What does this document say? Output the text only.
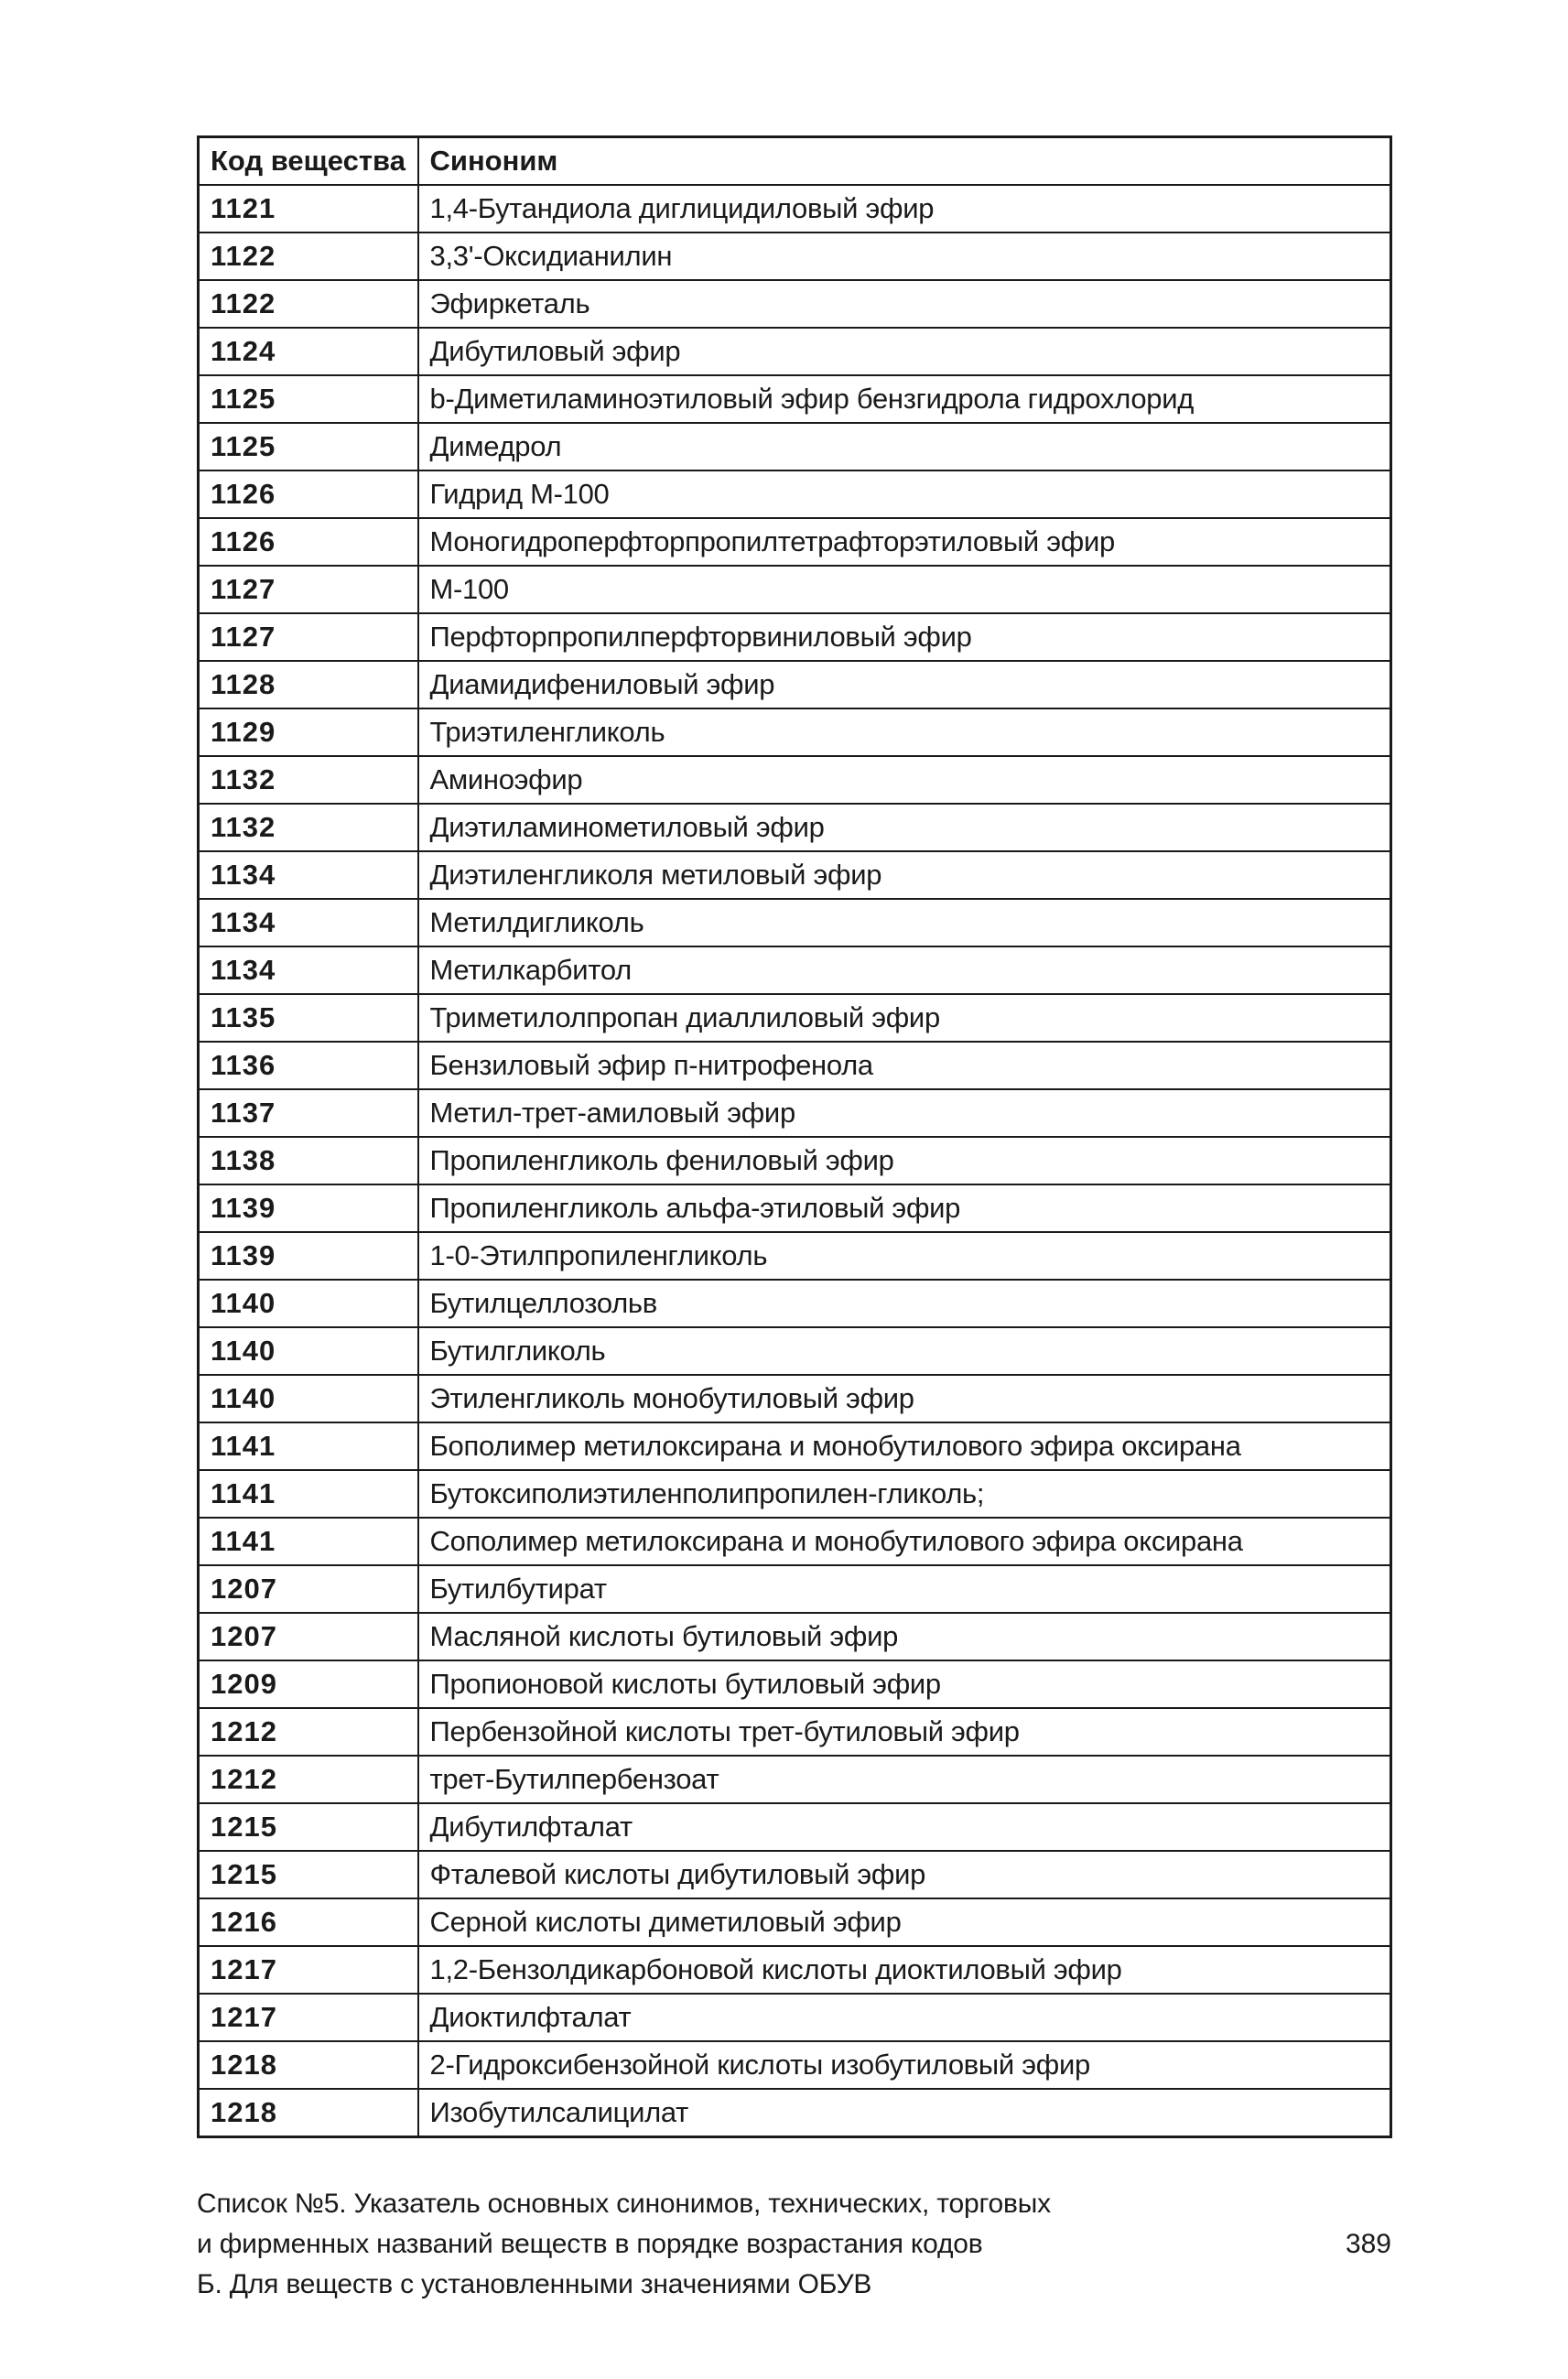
Код вещества	Синоним
1121	1,4-Бутандиола диглицидиловый эфир
1122	3,3'-Оксидианилин
1122	Эфиркеталь
1124	Дибутиловый эфир
1125	b-Диметиламиноэтиловый эфир бензгидрола гидрохлорид
1125	Димедрол
1126	Гидрид М-100
1126	Моногидроперфторпропилтетрафторэтиловый эфир
1127	М-100
1127	Перфторпропилперфторвиниловый эфир
1128	Диамидифениловый эфир
1129	Триэтиленгликоль
1132	Аминоэфир
1132	Диэтиламинометиловый эфир
1134	Диэтиленгликоля метиловый эфир
1134	Метилдигликоль
1134	Метилкарбитол
1135	Триметилолпропан диаллиловый эфир
1136	Бензиловый эфир п-нитрофенола
1137	Метил-трет-амиловый эфир
1138	Пропиленгликоль фениловый эфир
1139	Пропиленгликоль альфа-этиловый эфир
1139	1-0-Этилпропиленгликоль
1140	Бутилцеллозольв
1140	Бутилгликоль
1140	Этиленгликоль монобутиловый эфир
1141	Бополимер метилоксирана и монобутилового эфира оксирана
1141	Бутоксиполиэтиленполипропилен-гликоль;
1141	Сополимер метилоксирана и монобутилового эфира оксирана
1207	Бутилбутират
1207	Масляной кислоты бутиловый эфир
1209	Пропионовой кислоты бутиловый эфир
1212	Пербензойной кислоты трет-бутиловый эфир
1212	трет-Бутилпербензоат
1215	Дибутилфталат
1215	Фталевой кислоты дибутиловый эфир
1216	Серной кислоты диметиловый эфир
1217	1,2-Бензолдикарбоновой кислоты диоктиловый эфир
1217	Диоктилфталат
1218	2-Гидроксибензойной кислоты изобутиловый эфир
1218	Изобутилсалицилат
Список №5. Указатель основных синонимов, технических, торговых
и фирменных названий веществ в порядке возрастания кодов
Б. Для веществ с установленными значениями ОБУВ
389
